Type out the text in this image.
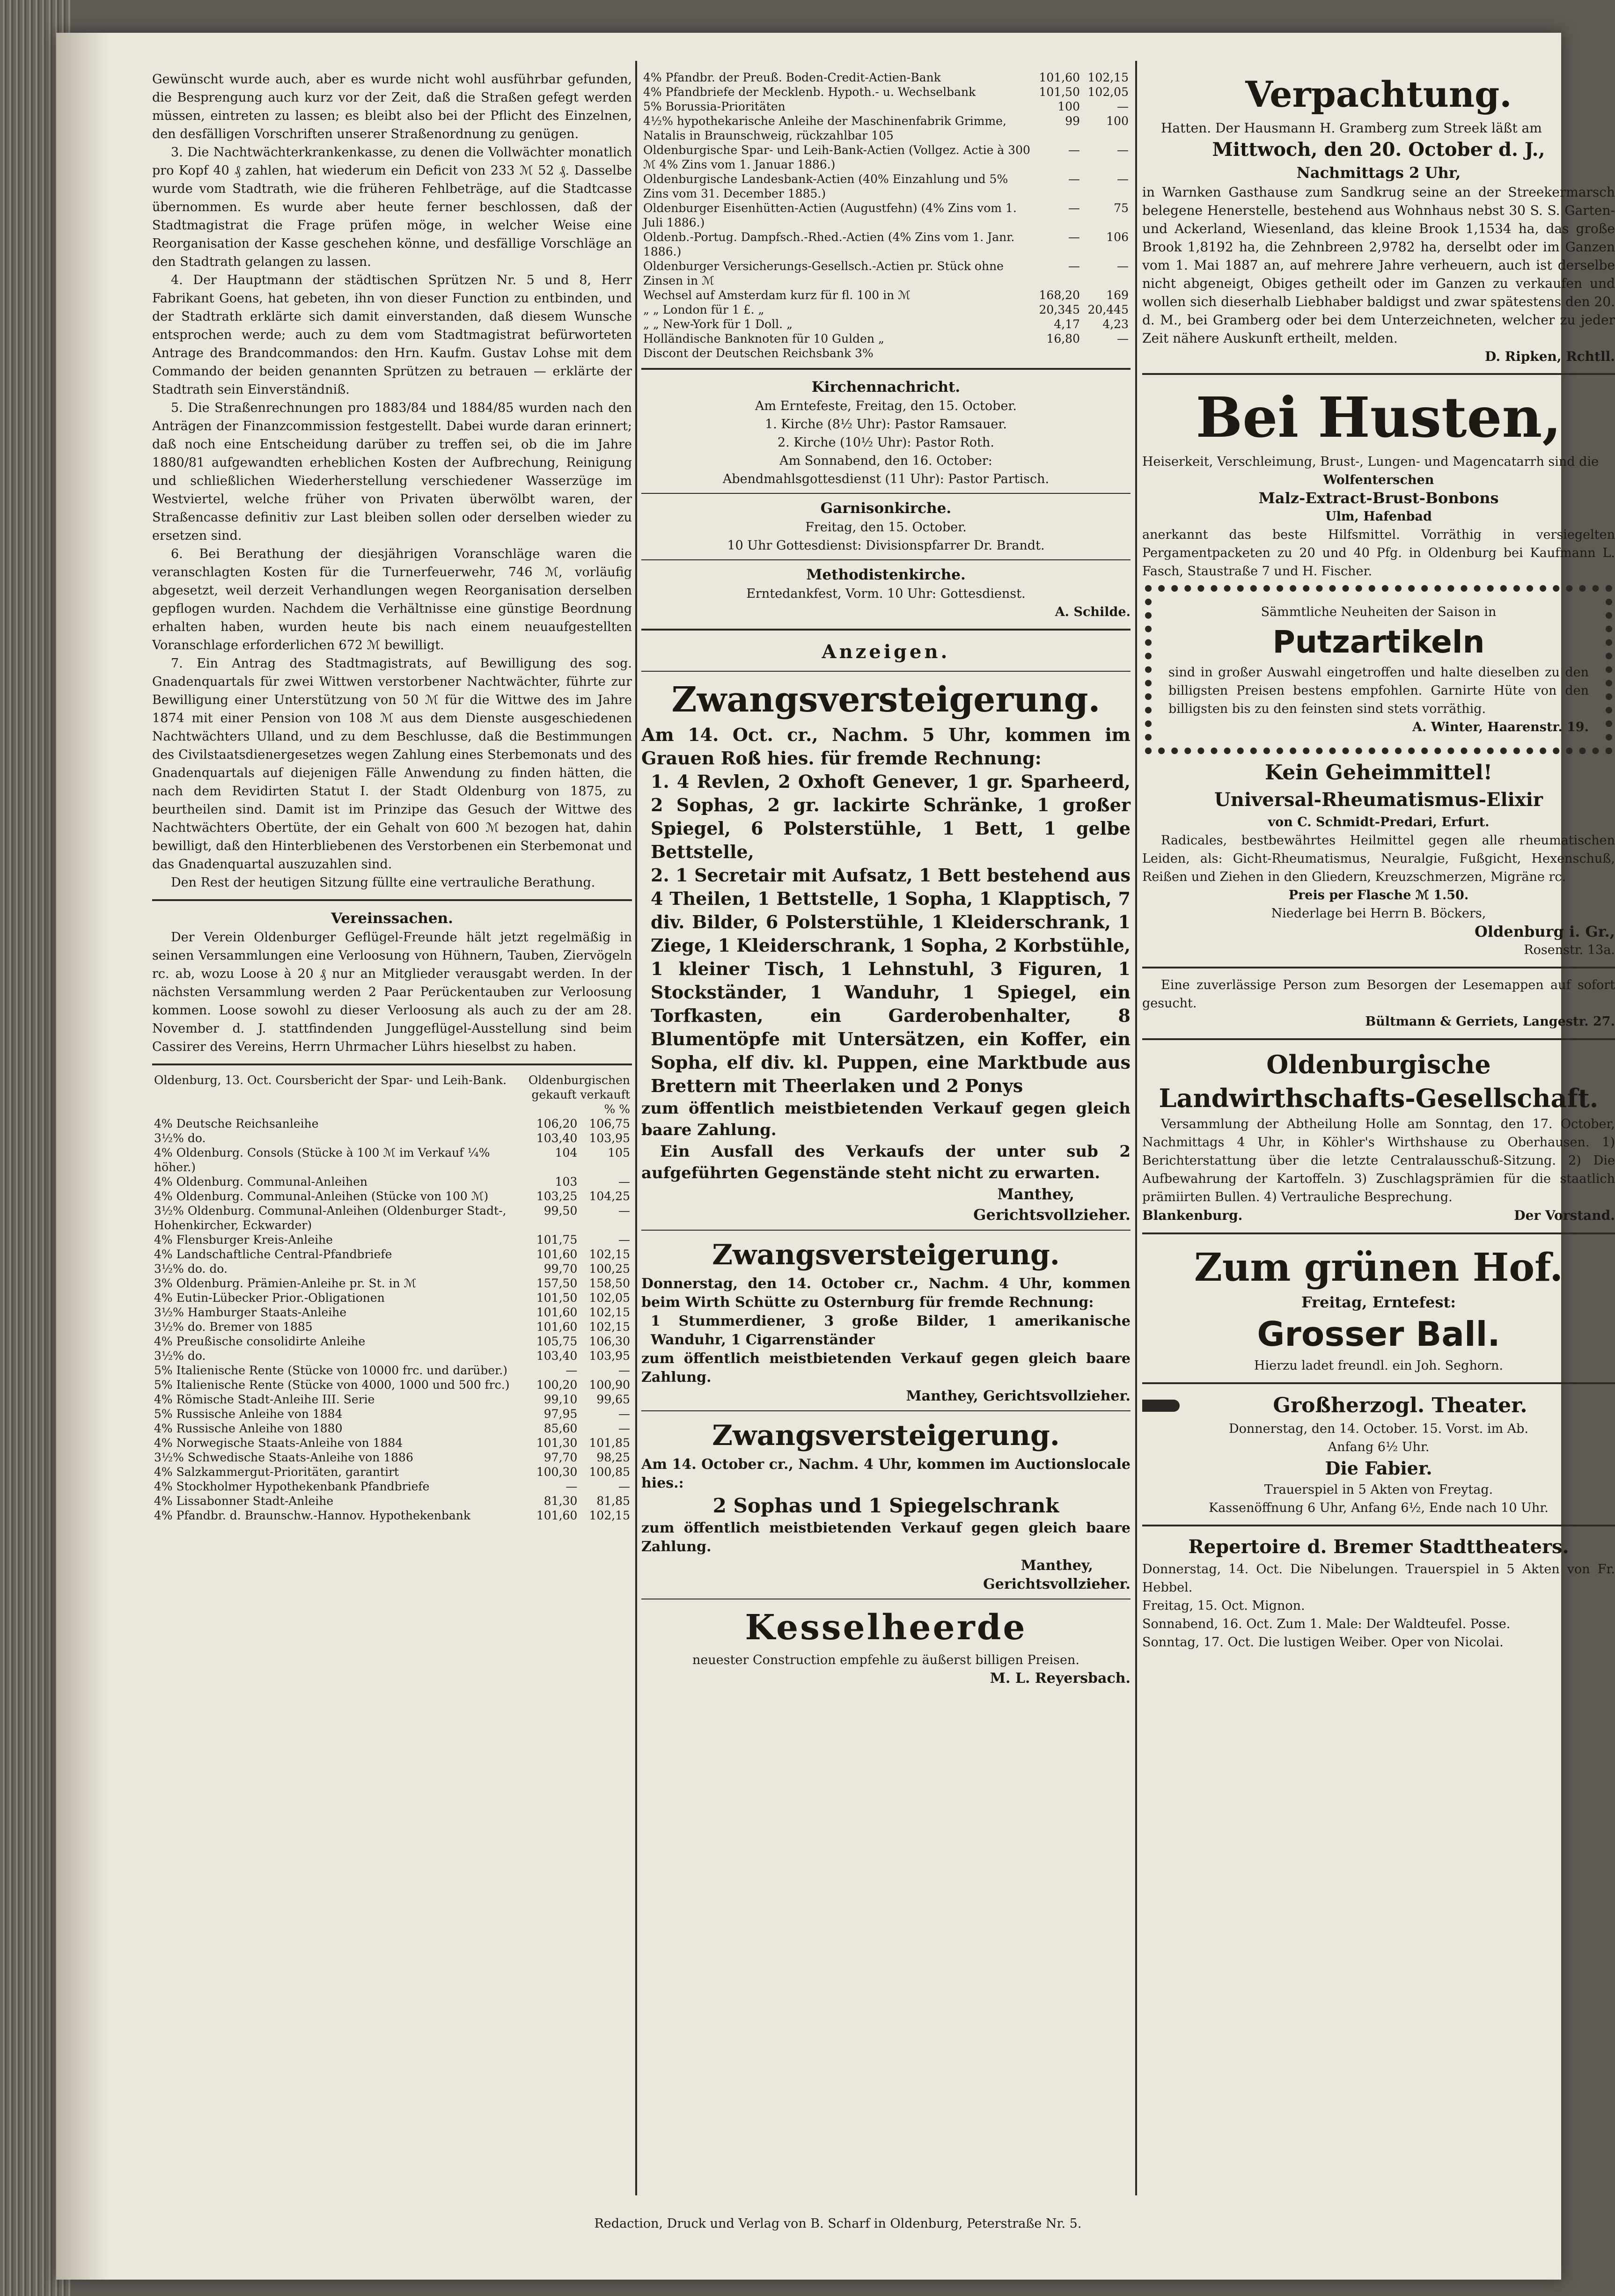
Gewünscht wurde auch, aber es wurde nicht wohl ausführbar gefunden, die Besprengung auch kurz vor der Zeit, daß die Straßen gefegt werden müssen, eintreten zu lassen; es bleibt also bei der Pflicht des Einzelnen, den desfälligen Vorschriften unserer Straßenordnung zu genügen.

3. Die Nachtwächterkrankenkasse, zu denen die Vollwächter monatlich pro Kopf 40 ₰ zahlen, hat wiederum ein Deficit von 233 ℳ 52 ₰. Dasselbe wurde vom Stadtrath, wie die früheren Fehlbeträge, auf die Stadtcasse übernommen. Es wurde aber heute ferner beschlossen, daß der Stadtmagistrat die Frage prüfen möge, in welcher Weise eine Reorganisation der Kasse geschehen könne, und desfällige Vorschläge an den Stadtrath gelangen zu lassen.

4. Der Hauptmann der städtischen Sprützen Nr. 5 und 8, Herr Fabrikant Goens, hat gebeten, ihn von dieser Function zu entbinden, und der Stadtrath erklärte sich damit einverstanden, daß diesem Wunsche entsprochen werde; auch zu dem vom Stadtmagistrat befürworteten Antrage des Brandcommandos: den Hrn. Kaufm. Gustav Lohse mit dem Commando der beiden genannten Sprützen zu betrauen — erklärte der Stadtrath sein Einverständniß.

5. Die Straßenrechnungen pro 1883/84 und 1884/85 wurden nach den Anträgen der Finanzcommission festgestellt. Dabei wurde daran erinnert; daß noch eine Entscheidung darüber zu treffen sei, ob die im Jahre 1880/81 aufgewandten erheblichen Kosten der Aufbrechung, Reinigung und schließlichen Wiederherstellung verschiedener Wasserzüge im Westviertel, welche früher von Privaten überwölbt waren, der Straßencasse definitiv zur Last bleiben sollen oder derselben wieder zu ersetzen sind.

6. Bei Berathung der diesjährigen Voranschläge waren die veranschlagten Kosten für die Turnerfeuerwehr, 746 ℳ, vorläufig abgesetzt, weil derzeit Verhandlungen wegen Reorganisation derselben gepflogen wurden. Nachdem die Verhältnisse eine günstige Beordnung erhalten haben, wurden heute bis nach einem neuaufgestellten Voranschlage erforderlichen 672 ℳ bewilligt.

7. Ein Antrag des Stadtmagistrats, auf Bewilligung des sog. Gnadenquartals für zwei Wittwen verstorbener Nachtwächter, führte zur Bewilligung einer Unterstützung von 50 ℳ für die Wittwe des im Jahre 1874 mit einer Pension von 108 ℳ aus dem Dienste ausgeschiedenen Nachtwächters Ulland, und zu dem Beschlusse, daß die Bestimmungen des Civilstaatsdienergesetzes wegen Zahlung eines Sterbemonats und des Gnadenquartals auf diejenigen Fälle Anwendung zu finden hätten, die nach dem Revidirten Statut I. der Stadt Oldenburg von 1875, zu beurtheilen sind. Damit ist im Prinzipe das Gesuch der Wittwe des Nachtwächters Obertüte, der ein Gehalt von 600 ℳ bezogen hat, dahin bewilligt, daß den Hinterbliebenen des Verstorbenen ein Sterbemonat und das Gnadenquartal auszuzahlen sind.

Den Rest der heutigen Sitzung füllte eine vertrauliche Berathung.

Vereinssachen.

Der Verein Oldenburger Geflügel-Freunde hält jetzt regelmäßig in seinen Versammlungen eine Verloosung von Hühnern, Tauben, Ziervögeln rc. ab, wozu Loose à 20 ₰ nur an Mitglieder verausgabt werden. In der nächsten Versammlung werden 2 Paar Perückentauben zur Verloosung kommen. Loose sowohl zu dieser Verloosung als auch zu der am 28. November d. J. stattfindenden Junggeflügel-Ausstellung sind beim Cassirer des Vereins, Herrn Uhrmacher Lührs hieselbst zu haben.

Oldenburg, 13. Oct. Coursbericht der Spar- und Leih-Bank.	Oldenburgischen gekauft verkauft	
	% %	
4% Deutsche Reichsanleihe	106,20	106,75
3½% do.	103,40	103,95
4% Oldenburg. Consols (Stücke à 100 ℳ im Verkauf ¼% höher.)	104	105
4% Oldenburg. Communal-Anleihen	103	—
4% Oldenburg. Communal-Anleihen (Stücke von 100 ℳ)	103,25	104,25
3½% Oldenburg. Communal-Anleihen (Oldenburger Stadt-, Hohenkircher, Eckwarder)	99,50	—
4% Flensburger Kreis-Anleihe	101,75	—
4% Landschaftliche Central-Pfandbriefe	101,60	102,15
3½% do. do.	99,70	100,25
3% Oldenburg. Prämien-Anleihe pr. St. in ℳ	157,50	158,50
4% Eutin-Lübecker Prior.-Obligationen	101,50	102,05
3½% Hamburger Staats-Anleihe	101,60	102,15
3½% do. Bremer von 1885	101,60	102,15
4% Preußische consolidirte Anleihe	105,75	106,30
3½% do.	103,40	103,95
5% Italienische Rente (Stücke von 10000 frc. und darüber.)	—	—
5% Italienische Rente (Stücke von 4000, 1000 und 500 frc.)	100,20	100,90
4% Römische Stadt-Anleihe III. Serie	99,10	99,65
5% Russische Anleihe von 1884	97,95	—
4% Russische Anleihe von 1880	85,60	—
4% Norwegische Staats-Anleihe von 1884	101,30	101,85
3½% Schwedische Staats-Anleihe von 1886	97,70	98,25
4% Salzkammergut-Prioritäten, garantirt	100,30	100,85
4% Stockholmer Hypothekenbank Pfandbriefe	—	—
4% Lissabonner Stadt-Anleihe	81,30	81,85
4% Pfandbr. d. Braunschw.-Hannov. Hypothekenbank	101,60	102,15
4% Pfandbr. der Preuß. Boden-Credit-Actien-Bank	101,60	102,15
4% Pfandbriefe der Mecklenb. Hypoth.- u. Wechselbank	101,50	102,05
5% Borussia-Prioritäten	100	—
4½% hypothekarische Anleihe der Maschinenfabrik Grimme, Natalis in Braunschweig, rückzahlbar 105	99	100
Oldenburgische Spar- und Leih-Bank-Actien (Vollgez. Actie à 300 ℳ 4% Zins vom 1. Januar 1886.)	—	—
Oldenburgische Landesbank-Actien (40% Einzahlung und 5% Zins vom 31. December 1885.)	—	—
Oldenburger Eisenhütten-Actien (Augustfehn) (4% Zins vom 1. Juli 1886.)	—	75
Oldenb.-Portug. Dampfsch.-Rhed.-Actien (4% Zins vom 1. Janr. 1886.)	—	106
Oldenburger Versicherungs-Gesellsch.-Actien pr. Stück ohne Zinsen in ℳ	—	—
Wechsel auf Amsterdam kurz für fl. 100 in ℳ	168,20	169
„ „ London für 1 £. „	20,345	20,445
„ „ New-York für 1 Doll. „	4,17	4,23
Holländische Banknoten für 10 Gulden „	16,80	—
Discont der Deutschen Reichsbank 3%		

Kirchennachricht.

Am Erntefeste, Freitag, den 15. October.

1. Kirche (8½ Uhr): Pastor Ramsauer.

2. Kirche (10½ Uhr): Pastor Roth.

Am Sonnabend, den 16. October:

Abendmahlsgottesdienst (11 Uhr): Pastor Partisch.

Garnisonkirche.

Freitag, den 15. October.

10 Uhr Gottesdienst: Divisionspfarrer Dr. Brandt.

Methodistenkirche.

Erntedankfest, Vorm. 10 Uhr: Gottesdienst.

A. Schilde.

Anzeigen.

Zwangsversteigerung.

Am 14. Oct. cr., Nachm. 5 Uhr, kommen im Grauen Roß hies. für fremde Rechnung:

1. 4 Revlen, 2 Oxhoft Genever, 1 gr. Sparheerd, 2 Sophas, 2 gr. lackirte Schränke, 1 großer Spiegel, 6 Polsterstühle, 1 Bett, 1 gelbe Bettstelle,

2. 1 Secretair mit Aufsatz, 1 Bett bestehend aus 4 Theilen, 1 Bettstelle, 1 Sopha, 1 Klapptisch, 7 div. Bilder, 6 Polsterstühle, 1 Kleiderschrank, 1 Ziege, 1 Kleiderschrank, 1 Sopha, 2 Korbstühle, 1 kleiner Tisch, 1 Lehnstuhl, 3 Figuren, 1 Stockständer, 1 Wanduhr, 1 Spiegel, ein Torfkasten, ein Garderobenhalter, 8 Blumentöpfe mit Untersätzen, ein Koffer, ein Sopha, elf div. kl. Puppen, eine Marktbude aus Brettern mit Theerlaken und 2 Ponys

zum öffentlich meistbietenden Verkauf gegen gleich baare Zahlung.

Ein Ausfall des Verkaufs der unter sub 2 aufgeführten Gegenstände steht nicht zu erwarten.

Manthey,

Gerichtsvollzieher.

Zwangsversteigerung.

Donnerstag, den 14. October cr., Nachm. 4 Uhr, kommen beim Wirth Schütte zu Osternburg für fremde Rechnung:

1 Stummerdiener, 3 große Bilder, 1 amerikanische Wanduhr, 1 Cigarrenständer

zum öffentlich meistbietenden Verkauf gegen gleich baare Zahlung.

Manthey, Gerichtsvollzieher.

Zwangsversteigerung.

Am 14. October cr., Nachm. 4 Uhr, kommen im Auctionslocale hies.:

2 Sophas und 1 Spiegelschrank

zum öffentlich meistbietenden Verkauf gegen gleich baare Zahlung.

Manthey,

Gerichtsvollzieher.

Kesselheerde

neuester Construction empfehle zu äußerst billigen Preisen.

M. L. Reyersbach.

Verpachtung.

Hatten. Der Hausmann H. Gramberg zum Streek läßt am

Mittwoch, den 20. October d. J.,

Nachmittags 2 Uhr,

in Warnken Gasthause zum Sandkrug seine an der Streekermarsch belegene Henerstelle, bestehend aus Wohnhaus nebst 30 S. S. Garten- und Ackerland, Wiesenland, das kleine Brook 1,1534 ha, das große Brook 1,8192 ha, die Zehnbreen 2,9782 ha, derselbt oder im Ganzen vom 1. Mai 1887 an, auf mehrere Jahre verheuern, auch ist derselbe nicht abgeneigt, Obiges getheilt oder im Ganzen zu verkaufen und wollen sich dieserhalb Liebhaber baldigst und zwar spätestens den 20. d. M., bei Gramberg oder bei dem Unterzeichneten, welcher zu jeder Zeit nähere Auskunft ertheilt, melden.

D. Ripken, Rchtll.

Bei Husten,

Heiserkeit, Verschleimung, Brust-, Lungen- und Magencatarrh sind die

Wolfenterschen

Malz-Extract-Brust-Bonbons

Ulm, Hafenbad

anerkannt das beste Hilfsmittel. Vorräthig in versiegelten Pergamentpacketen zu 20 und 40 Pfg. in Oldenburg bei Kaufmann L. Fasch, Staustraße 7 und H. Fischer.

Sämmtliche Neuheiten der Saison in

Putzartikeln

sind in großer Auswahl eingetroffen und halte dieselben zu den billigsten Preisen bestens empfohlen. Garnirte Hüte von den billigsten bis zu den feinsten sind stets vorräthig.

A. Winter, Haarenstr. 19.

Kein Geheimmittel!

Universal-Rheumatismus-Elixir

von C. Schmidt-Predari, Erfurt.

Radicales, bestbewährtes Heilmittel gegen alle rheumatischen Leiden, als: Gicht-Rheumatismus, Neuralgie, Fußgicht, Hexenschuß, Reißen und Ziehen in den Gliedern, Kreuzschmerzen, Migräne rc.

Preis per Flasche ℳ 1.50.

Niederlage bei Herrn B. Böckers,

Oldenburg i. Gr.,

Rosenstr. 13a.

Eine zuverlässige Person zum Besorgen der Lesemappen auf sofort gesucht.

Bültmann & Gerriets, Langestr. 27.

Oldenburgische Landwirthschafts-Gesellschaft.

Versammlung der Abtheilung Holle am Sonntag, den 17. October, Nachmittags 4 Uhr, in Köhler's Wirthshause zu Oberhausen. 1) Berichterstattung über die letzte Centralausschuß-Sitzung. 2) Die Aufbewahrung der Kartoffeln. 3) Zuschlagsprämien für die staatlich prämiirten Bullen. 4) Vertrauliche Besprechung.

Blankenburg.	Der Vorstand.

Zum grünen Hof.

Freitag, Erntefest:

Grosser Ball.

Hierzu ladet freundl. ein Joh. Seghorn.

Großherzogl. Theater.

Donnerstag, den 14. October. 15. Vorst. im Ab.

Anfang 6½ Uhr.

Die Fabier.

Trauerspiel in 5 Akten von Freytag.

Kassenöffnung 6 Uhr, Anfang 6½, Ende nach 10 Uhr.

Repertoire d. Bremer Stadttheaters.

Donnerstag, 14. Oct. Die Nibelungen. Trauerspiel in 5 Akten von Fr. Hebbel.

Freitag, 15. Oct. Mignon.

Sonnabend, 16. Oct. Zum 1. Male: Der Waldteufel. Posse.

Sonntag, 17. Oct. Die lustigen Weiber. Oper von Nicolai.

Redaction, Druck und Verlag von B. Scharf in Oldenburg, Peterstraße Nr. 5.
